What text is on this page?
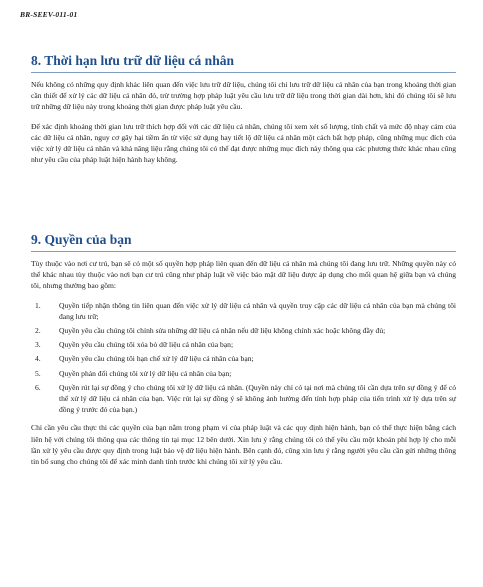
BR-SEEV-011-01
8. Thời hạn lưu trữ dữ liệu cá nhân

Nếu không có những quy định khác liên quan đến việc lưu trữ dữ liệu, chúng tôi chỉ lưu trữ dữ liệu cá nhân của bạn trong khoảng thời gian cần thiết để xử lý các dữ liệu cá nhân đó, trừ trường hợp pháp luật yêu cầu lưu trữ dữ liệu trong thời gian dài hơn, khi đó chúng tôi sẽ lưu trữ những dữ liệu này trong khoảng thời gian được pháp luật yêu cầu.

Để xác định khoảng thời gian lưu trữ thích hợp đối với các dữ liệu cá nhân, chúng tôi xem xét số lượng, tính chất và mức độ nhạy cảm của các dữ liệu cá nhân, nguy cơ gây hại tiềm ẩn từ việc sử dụng hay tiết lộ dữ liệu cá nhân một cách bất hợp pháp, cũng những mục đích của việc xử lý dữ liệu cá nhân và khả năng liệu rằng chúng tôi có thể đạt được những mục đích này thông qua các phương thức khác nhau cũng như yêu cầu của pháp luật hiện hành hay không.

9. Quyền của bạn

Tùy thuộc vào nơi cư trú, bạn sẽ có một số quyền hợp pháp liên quan đến dữ liệu cá nhân mà chúng tôi đang lưu trữ. Những quyền này có thể khác nhau tùy thuộc vào nơi bạn cư trú cũng như pháp luật về việc bảo mật dữ liệu được áp dụng cho mối quan hệ giữa bạn và chúng tôi, nhưng thường bao gồm:

1. Quyền tiếp nhận thông tin liên quan đến việc xử lý dữ liệu cá nhân và quyền truy cập các dữ liệu cá nhân của bạn mà chúng tôi đang lưu trữ;
2. Quyền yêu cầu chúng tôi chỉnh sửa những dữ liệu cá nhân nếu dữ liệu không chính xác hoặc không đầy đủ;
3. Quyền yêu cầu chúng tôi xóa bỏ dữ liệu cá nhân của bạn;
4. Quyền yêu cầu chúng tôi hạn chế xử lý dữ liệu cá nhân của bạn;
5. Quyền phản đối chúng tôi xử lý dữ liệu cá nhân của bạn;
6. Quyền rút lại sự đồng ý cho chúng tôi xử lý dữ liệu cá nhân. (Quyền này chỉ có tại nơi mà chúng tôi cần dựa trên sự đồng ý để có thể xử lý dữ liệu cá nhân của bạn. Việc rút lại sự đồng ý sẽ không ảnh hưởng đến tính hợp pháp của tiến trình xử lý dựa trên sự đồng ý trước đó của bạn.)

Chỉ cần yêu cầu thực thi các quyền của bạn nằm trong phạm vi của pháp luật và các quy định hiện hành, bạn có thể thực hiện bằng cách liên hệ với chúng tôi thông qua các thông tin tại mục 12 bên dưới. Xin lưu ý rằng chúng tôi có thể yêu cầu một khoản phí hợp lý cho mỗi lần xử lý yêu cầu được quy định trong luật bảo vệ dữ liệu hiện hành. Bên cạnh đó, cũng xin lưu ý rằng người yêu cầu cần gửi những thông tin bổ sung cho chúng tôi để xác minh danh tính trước khi chúng tôi xử lý yêu cầu.
